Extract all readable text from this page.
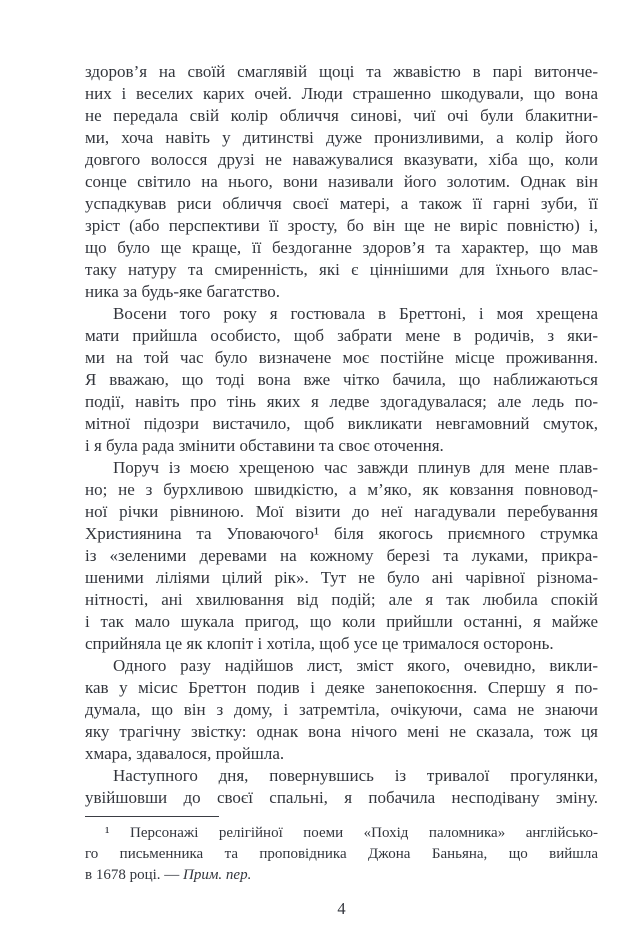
здоров’я на своїй смаглявій щоці та жвавістю в парі витонче-
них і веселих карих очей. Люди страшенно шкодували, що вона
не передала свій колір обличчя синові, чиї очі були блакитни-
ми, хоча навіть у дитинстві дуже пронизливими, а колір його
довгого волосся друзі не наважувалися вказувати, хіба що, коли
сонце світило на нього, вони називали його золотим. Однак він
успадкував риси обличчя своєї матері, а також її гарні зуби, її
зріст (або перспективи її зросту, бо він ще не виріс повністю) і,
що було ще краще, її бездоганне здоров’я та характер, що мав
таку натуру та смиренність, які є ціннішими для їхнього влас-
ника за будь-яке багатство.
Восени того року я гостювала в Бреттоні, і моя хрещена
мати прийшла особисто, щоб забрати мене в родичів, з яки-
ми на той час було визначене моє постійне місце проживання.
Я вважаю, що тоді вона вже чітко бачила, що наближаються
події, навіть про тінь яких я ледве здогадувалася; але ледь по-
мітної підозри вистачило, щоб викликати невгамовний смуток,
і я була рада змінити обставини та своє оточення.
Поруч із моєю хрещеною час завжди плинув для мене плав-
но; не з бурхливою швидкістю, а м’яко, як ковзання повновод-
ної річки рівниною. Мої візити до неї нагадували перебування
Християнина та Уповаючого¹ біля якогось приємного струмка
із «зеленими деревами на кожному березі та луками, прикра-
шеними ліліями цілий рік». Тут не було ані чарівної різнома-
нітності, ані хвилювання від подій; але я так любила спокій
і так мало шукала пригод, що коли прийшли останні, я майже
сприйняла це як клопіт і хотіла, щоб усе це трималося осторонь.
Одного разу надійшов лист, зміст якого, очевидно, викли-
кав у місис Бреттон подив і деяке занепокоєння. Спершу я по-
думала, що він з дому, і затремтіла, очікуючи, сама не знаючи
яку трагічну звістку: однак вона нічого мені не сказала, тож ця
хмара, здавалося, пройшла.
Наступного дня, повернувшись із тривалої прогулянки,
увійшовши до своєї спальні, я побачила несподівану зміну.
¹ Персонажі релігійної поеми «Похід паломника» англійсько-
го письменника та проповідника Джона Баньяна, що вийшла
в 1678 році. — Прим. пер.
4
